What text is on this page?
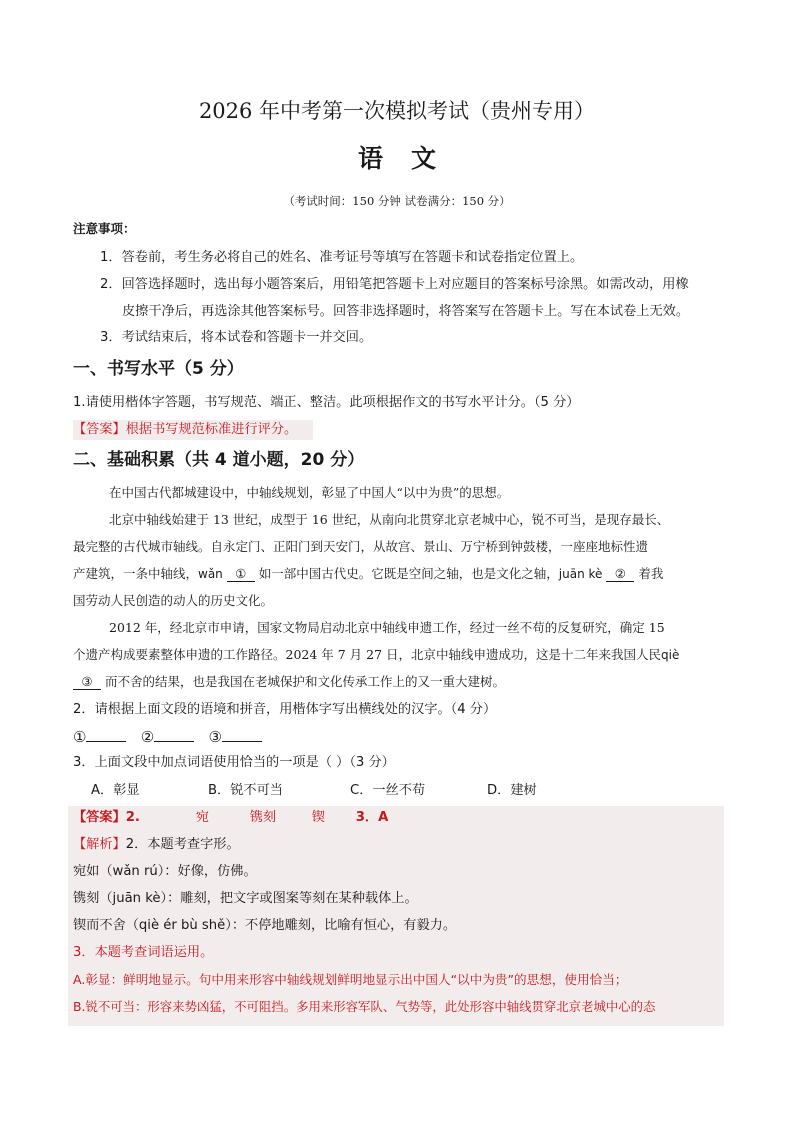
2026 年中考第一次模拟考试（贵州专用）
语文
（考试时间：150 分钟 试卷满分：150 分）
注意事项：
1．答卷前，考生务必将自己的姓名、准考证号等填写在答题卡和试卷指定位置上。
2．回答选择题时，选出每小题答案后，用铅笔把答题卡上对应题目的答案标号涂黑。如需改动，用橡
皮擦干净后，再选涂其他答案标号。回答非选择题时，将答案写在答题卡上。写在本试卷上无效。
3．考试结束后，将本试卷和答题卡一并交回。
一、书写水平（5 分）
1.请使用楷体字答题，书写规范、端正、整洁。此项根据作文的书写水平计分。（5 分）
【答案】根据书写规范标准进行评分。
二、基础积累（共 4 道小题，20 分）
在中国古代都城建设中，中轴线规划，彰显了中国人“以中为贵”的思想。
北京中轴线始建于 13 世纪，成型于 16 世纪，从南向北贯穿北京老城中心，锐不可当，是现存最长、
最完整的古代城市轴线。自永定门、正阳门到天安门，从故宫、景山、万宁桥到钟鼓楼，一座座地标性遗
产建筑，一条中轴线，wǎn ① 如一部中国古代史。它既是空间之轴，也是文化之轴，juān kè ② 着我
国劳动人民创造的动人的历史文化。
2012 年，经北京市申请，国家文物局启动北京中轴线申遗工作，经过一丝不苟的反复研究，确定 15
个遗产构成要素整体申遗的工作路径。2024 年 7 月 27 日，北京中轴线申遗成功，这是十二年来我国人民qiè
③ 而不舍的结果，也是我国在老城保护和文化传承工作上的又一重大建树。
2．请根据上面文段的语境和拼音，用楷体字写出横线处的汉字。（4 分）
①	②	③
3．上面文段中加点词语使用恰当的一项是（ ）（3 分）
A．彰显	B．锐不可当	C．一丝不苟	D．建树
【答案】2.	宛	镌刻	锲 3．A
【解析】2．本题考查字形。
宛如（wǎn rú）：好像，仿佛。
镌刻（juān kè）：雕刻，把文字或图案等刻在某种载体上。
锲而不舍（qiè ér bù shě）：不停地雕刻，比喻有恒心，有毅力。
3．本题考查词语运用。
A.彰显：鲜明地显示。句中用来形容中轴线规划鲜明地显示出中国人“以中为贵”的思想，使用恰当；
B.锐不可当：形容来势凶猛，不可阻挡。多用来形容军队、气势等，此处形容中轴线贯穿北京老城中心的态
